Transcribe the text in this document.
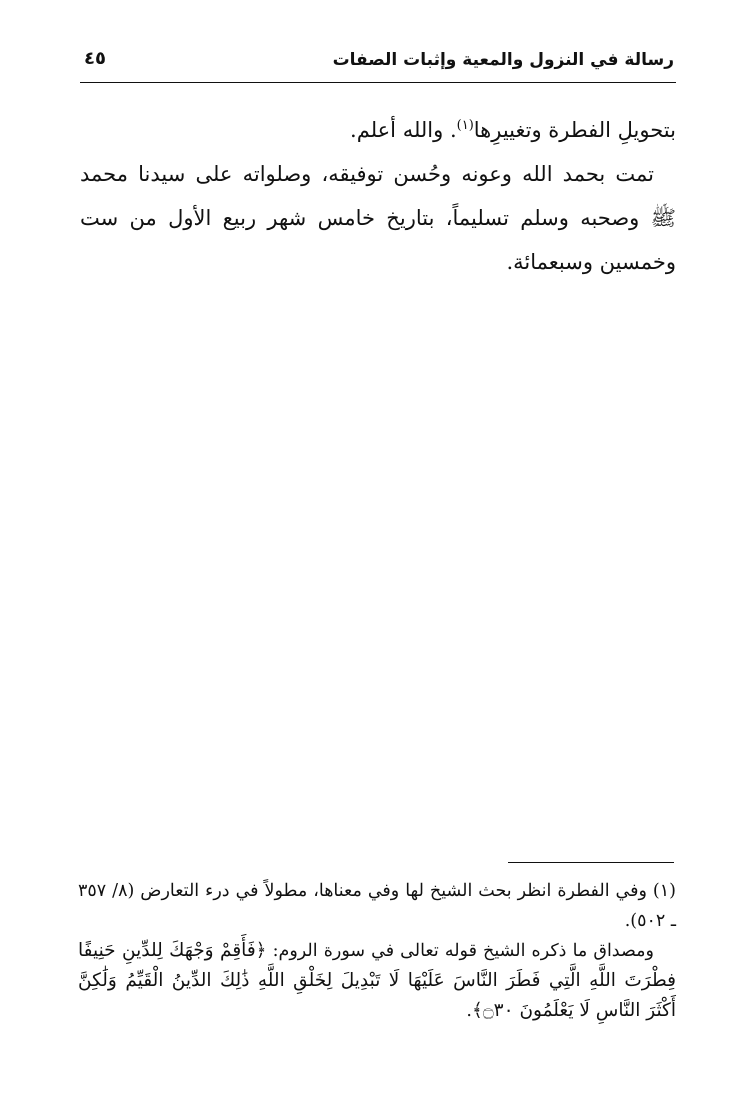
رسالة في النزول والمعية وإثبات الصفات
٤٥

بتحويلِ الفطرة وتغييرِها$^{(١)}$. والله أعلم.

تمت بحمد الله وعونه وحُسن توفيقه، وصلواته على سيدنا محمد ﷺ وصحبه وسلم تسليماً، بتاريخ خامس شهر ربيع الأول من ست وخمسين وسبعمائة.

(١) وفي الفطرة انظر بحث الشيخ لها وفي معناها، مطولاً في درء التعارض (٨/ ٣٥٧ ـ ٥٠٢).

ومصداق ما ذكره الشيخ قوله تعالى في سورة الروم: ﴿فَأَقِمْ وَجْهَكَ لِلدِّينِ حَنِيفًا فِطْرَتَ اللَّهِ الَّتِي فَطَرَ النَّاسَ عَلَيْهَا لَا تَبْدِيلَ لِخَلْقِ اللَّهِ ذَٰلِكَ الدِّينُ الْقَيِّمُ وَلَٰكِنَّ أَكْثَرَ النَّاسِ لَا يَعْلَمُونَ ۝٣٠﴾.
